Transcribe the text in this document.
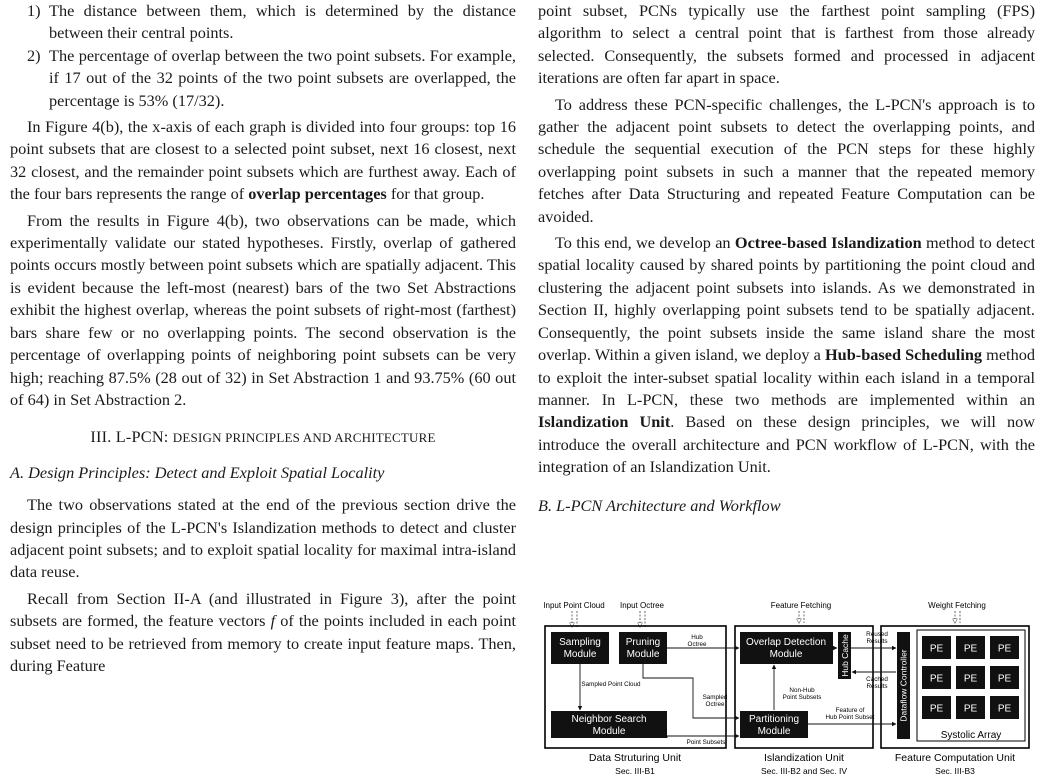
1) The distance between them, which is determined by the distance between their central points.
2) The percentage of overlap between the two point subsets. For example, if 17 out of the 32 points of the two point subsets are overlapped, the percentage is 53% (17/32).

In Figure 4(b), the x-axis of each graph is divided into four groups: top 16 point subsets that are closest to a selected point subset, next 16 closest, next 32 closest, and the remainder point subsets which are furthest away. Each of the four bars represents the range of overlap percentages for that group.

From the results in Figure 4(b), two observations can be made, which experimentally validate our stated hypotheses. Firstly, overlap of gathered points occurs mostly between point subsets which are spatially adjacent. This is evident because the left-most (nearest) bars of the two Set Abstractions exhibit the highest overlap, whereas the point subsets of right-most (farthest) bars share few or no overlapping points. The second observation is the percentage of overlapping points of neighboring point subsets can be very high; reaching 87.5% (28 out of 32) in Set Abstraction 1 and 93.75% (60 out of 64) in Set Abstraction 2.

III. L-PCN: DESIGN PRINCIPLES AND ARCHITECTURE

A. Design Principles: Detect and Exploit Spatial Locality

The two observations stated at the end of the previous section drive the design principles of the L-PCN's Islandization methods to detect and cluster adjacent point subsets; and to exploit spatial locality for maximal intra-island data reuse.

Recall from Section II-A (and illustrated in Figure 3), after the point subsets are formed, the feature vectors f of the points included in each point subset need to be retrieved from memory to create input feature maps. Then, during Feature

point subset, PCNs typically use the farthest point sampling (FPS) algorithm to select a central point that is farthest from those already selected. Consequently, the subsets formed and processed in adjacent iterations are often far apart in space.

To address these PCN-specific challenges, the L-PCN's approach is to gather the adjacent point subsets to detect the overlapping points, and schedule the sequential execution of the PCN steps for these highly overlapping point subsets in such a manner that the repeated memory fetches after Data Structuring and repeated Feature Computation can be avoided.

To this end, we develop an Octree-based Islandization method to detect spatial locality caused by shared points by partitioning the point cloud and clustering the adjacent point subsets into islands. As we demonstrated in Section II, highly overlapping point subsets tend to be spatially adjacent. Consequently, the point subsets inside the same island share the most overlap. Within a given island, we deploy a Hub-based Scheduling method to exploit the inter-subset spatial locality within each island in a temporal manner. In L-PCN, these two methods are implemented within an Islandization Unit. Based on these design principles, we will now introduce the overall architecture and PCN workflow of L-PCN, with the integration of an Islandization Unit.

B. L-PCN Architecture and Workflow

Input Point Cloud Input Octree	Feature Fetching	Weight Fetching
Sampling
Module
Pruning
Module
Neighbor Search
Module
Overlap Detection
Module
Partitioning
Module
Hub Cache	Dataflow Controller
PE PE PE
PE PE PE
PE PE PE
Systolic Array
Hub
Octree
Sampled Point Cloud
Sampled
Octree
Point Subsets
Non-Hub
Point Subsets
Feature of
Hub Point Subset
Reused
Results
Cached
Results
Data Struturing Unit
Sec. III-B1
Islandization Unit
Sec. III-B2 and Sec. IV
Feature Computation Unit
Sec. III-B3
